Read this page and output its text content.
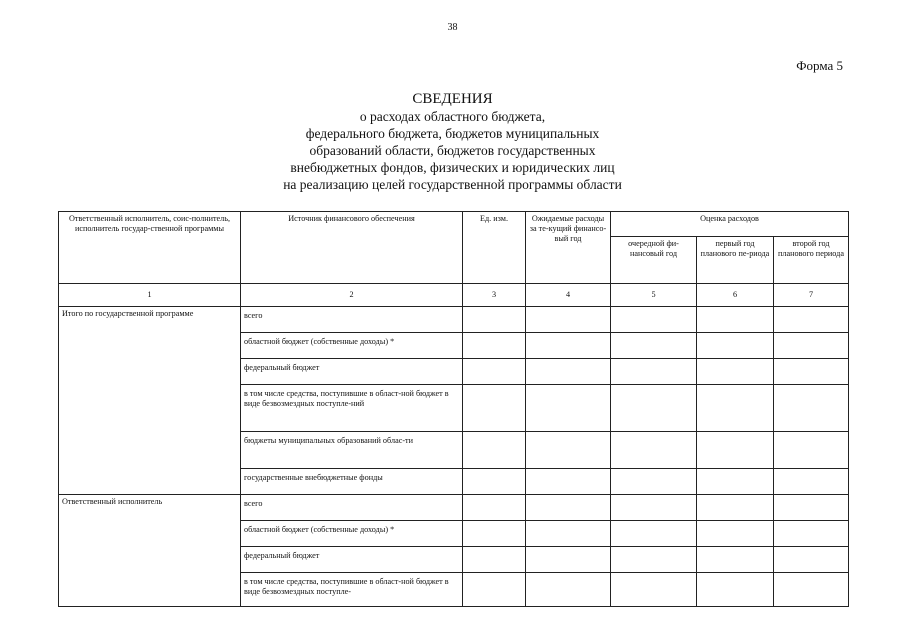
38
Форма 5
СВЕДЕНИЯ
о расходах областного бюджета,
федерального бюджета, бюджетов муниципальных
образований области, бюджетов государственных
внебюджетных фондов, физических и юридических лиц
на реализацию целей государственной программы области
Ответственный исполнитель, соис-полнитель, исполнитель государ-ственной программы	Источник финансового обеспечения	Ед. изм.	Ожидаемые расходы за те-кущий финансо-вый год	Оценка расходов		
				очередной фи-нансовый год	первый год планового пе-риода	второй год планового периода
1	2	3	4	5	6	7
Итого по государственной программе	всего					
	областной бюджет (собственные доходы) *					
	федеральный бюджет					
	в том числе средства, поступившие в област-ной бюджет в виде безвозмездных поступле-ний					
	бюджеты муниципальных образований облас-ти					
	государственные внебюджетные фонды					
Ответственный исполнитель	всего					
	областной бюджет (собственные доходы) *					
	федеральный бюджет					
	в том числе средства, поступившие в област-ной бюджет в виде безвозмездных поступле-					
